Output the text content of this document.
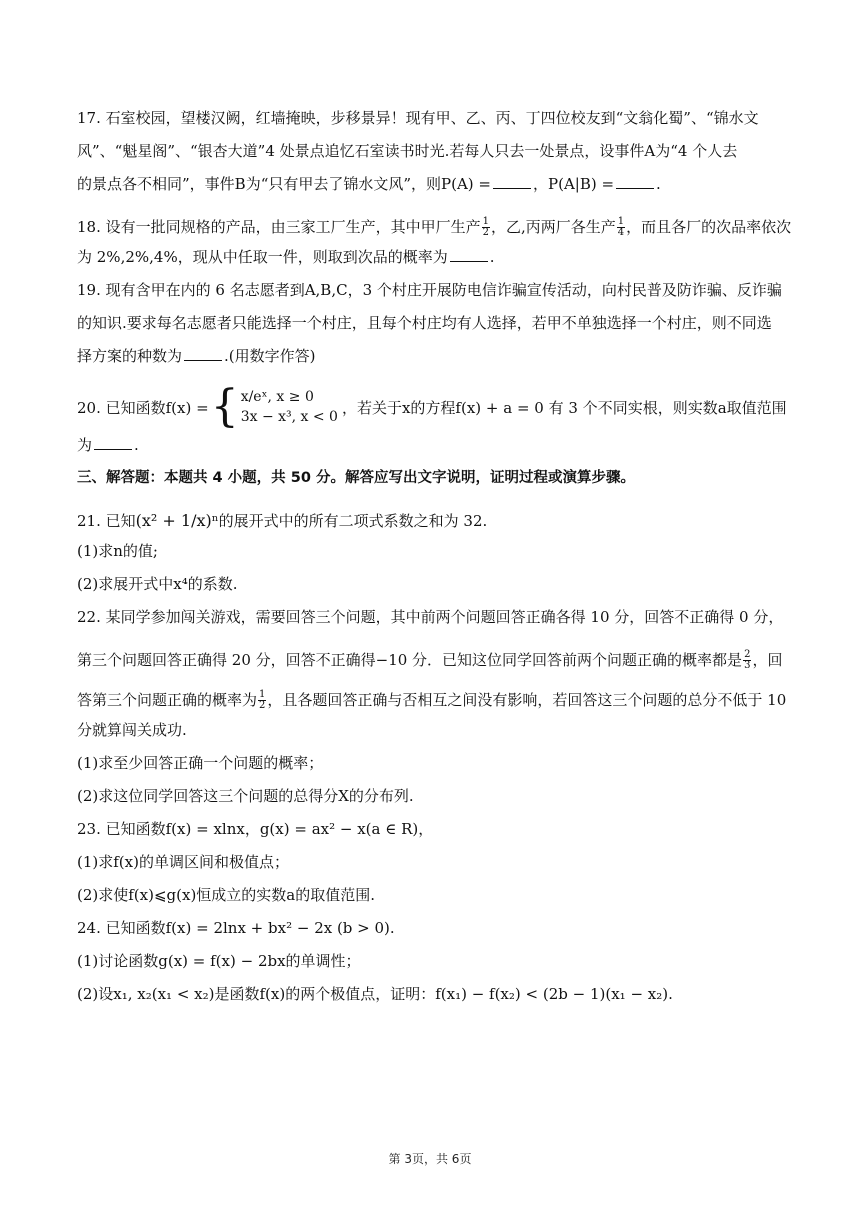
17. 石室校园，望楼汉阙，红墙掩映，步移景异！现有甲、乙、丙、丁四位校友到“文翁化蜀”、“锦水文
风”、“魁星阁”、“银杏大道”4 处景点追忆石室读书时光.若每人只去一处景点，设事件A为“4 个人去
的景点各不相同”，事件B为“只有甲去了锦水文风”，则P(A) =	，P(A|B) =	.
18. 设有一批同规格的产品，由三家工厂生产，其中甲厂生产 $\frac{1}{2}$ ，乙,丙两厂各生产 $\frac{1}{4}$ ，而且各厂的次品率依次
为 2%,2%,4%，现从中任取一件，则取到次品的概率为	.
19. 现有含甲在内的 6 名志愿者到A,B,C，3 个村庄开展防电信诈骗宣传活动，向村民普及防诈骗、反诈骗
的知识.要求每名志愿者只能选择一个村庄，且每个村庄均有人选择，若甲不单独选择一个村庄，则不同选
择方案的种数为	.(用数字作答)
20. 已知函数f(x) = { x/eˣ, x ≥ 0
3x − x³, x < 0
，若关于x的方程f(x) + a = 0 有 3 个不同实根，则实数a取值范围
为	.
三、解答题：本题共 4 小题，共 50 分。解答应写出文字说明，证明过程或演算步骤。
21. 已知 (x² + 1/x)ⁿ 的展开式中的所有二项式系数之和为 32.
(1)求n的值;
(2)求展开式中x⁴的系数.
22. 某同学参加闯关游戏，需要回答三个问题，其中前两个问题回答正确各得 10 分，回答不正确得 0 分，
第三个问题回答正确得 20 分，回答不正确得−10 分．已知这位同学回答前两个问题正确的概率都是 $\frac{2}{3}$ ，回
答第三个问题正确的概率为 $\frac{1}{2}$ ，且各题回答正确与否相互之间没有影响，若回答这三个问题的总分不低于 10
分就算闯关成功.
(1)求至少回答正确一个问题的概率；
(2)求这位同学回答这三个问题的总得分X的分布列.
23. 已知函数f(x) = xlnx，g(x) = ax² − x(a ∈ R)，
(1)求f(x)的单调区间和极值点；
(2)求使f(x)⩽g(x)恒成立的实数a的取值范围.
24. 已知函数f(x) = 2lnx + bx² − 2x (b > 0).
(1)讨论函数g(x) = f(x) − 2bx的单调性；
(2)设x₁, x₂(x₁ < x₂)是函数f(x)的两个极值点，证明：f(x₁) − f(x₂) < (2b − 1)(x₁ − x₂).
第 3页，共 6页
